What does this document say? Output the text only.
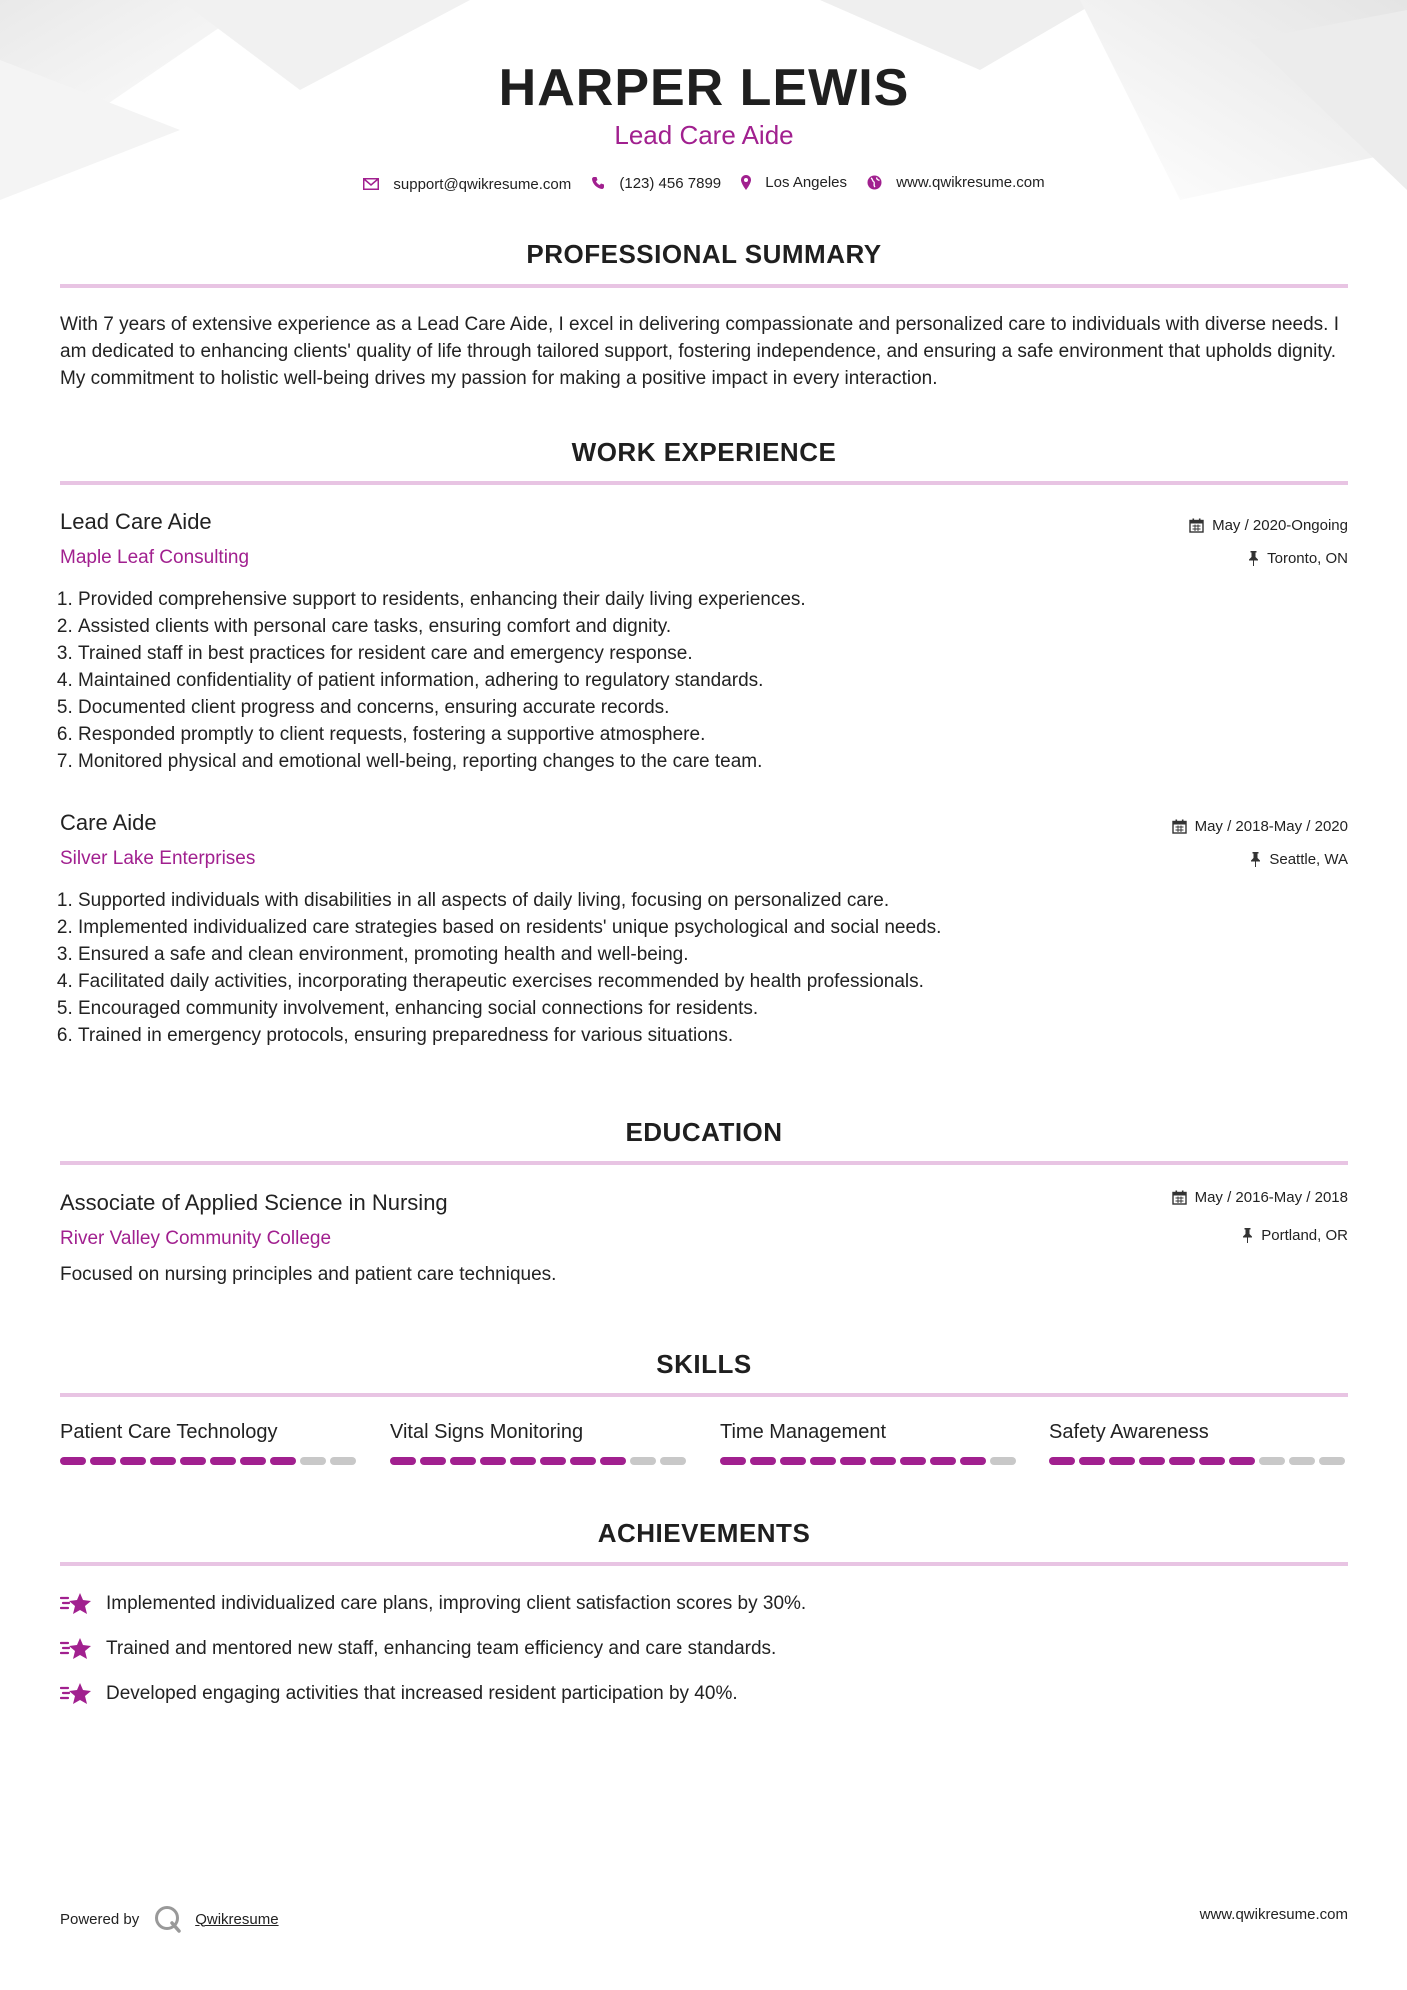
HARPER LEWIS
Lead Care Aide
support@qwikresume.com
	(123) 456 7899
	Los Angeles
	www.qwikresume.com
PROFESSIONAL SUMMARY
With 7 years of extensive experience as a Lead Care Aide, I excel in delivering compassionate and personalized care to individuals with diverse needs. I am dedicated to enhancing clients' quality of life through tailored support, fostering independence, and ensuring a safe environment that upholds dignity. My commitment to holistic well-being drives my passion for making a positive impact in every interaction.
WORK EXPERIENCE
Lead Care Aide
Maple Leaf Consulting
May / 2020-Ongoing
Toronto, ON
1. Provided comprehensive support to residents, enhancing their daily living experiences.
2. Assisted clients with personal care tasks, ensuring comfort and dignity.
3. Trained staff in best practices for resident care and emergency response.
4. Maintained confidentiality of patient information, adhering to regulatory standards.
5. Documented client progress and concerns, ensuring accurate records.
6. Responded promptly to client requests, fostering a supportive atmosphere.
7. Monitored physical and emotional well-being, reporting changes to the care team.
Care Aide
Silver Lake Enterprises
May / 2018-May / 2020
Seattle, WA
1. Supported individuals with disabilities in all aspects of daily living, focusing on personalized care.
2. Implemented individualized care strategies based on residents' unique psychological and social needs.
3. Ensured a safe and clean environment, promoting health and well-being.
4. Facilitated daily activities, incorporating therapeutic exercises recommended by health professionals.
5. Encouraged community involvement, enhancing social connections for residents.
6. Trained in emergency protocols, ensuring preparedness for various situations.
EDUCATION
Associate of Applied Science in Nursing
River Valley Community College
May / 2016-May / 2018
Portland, OR
Focused on nursing principles and patient care techniques.
SKILLS
Patient Care Technology	Vital Signs Monitoring	Time Management	Safety Awareness
ACHIEVEMENTS
Implemented individualized care plans, improving client satisfaction scores by 30%.
Trained and mentored new staff, enhancing team efficiency and care standards.
Developed engaging activities that increased resident participation by 40%.
Powered by	Qwikresume	www.qwikresume.com
